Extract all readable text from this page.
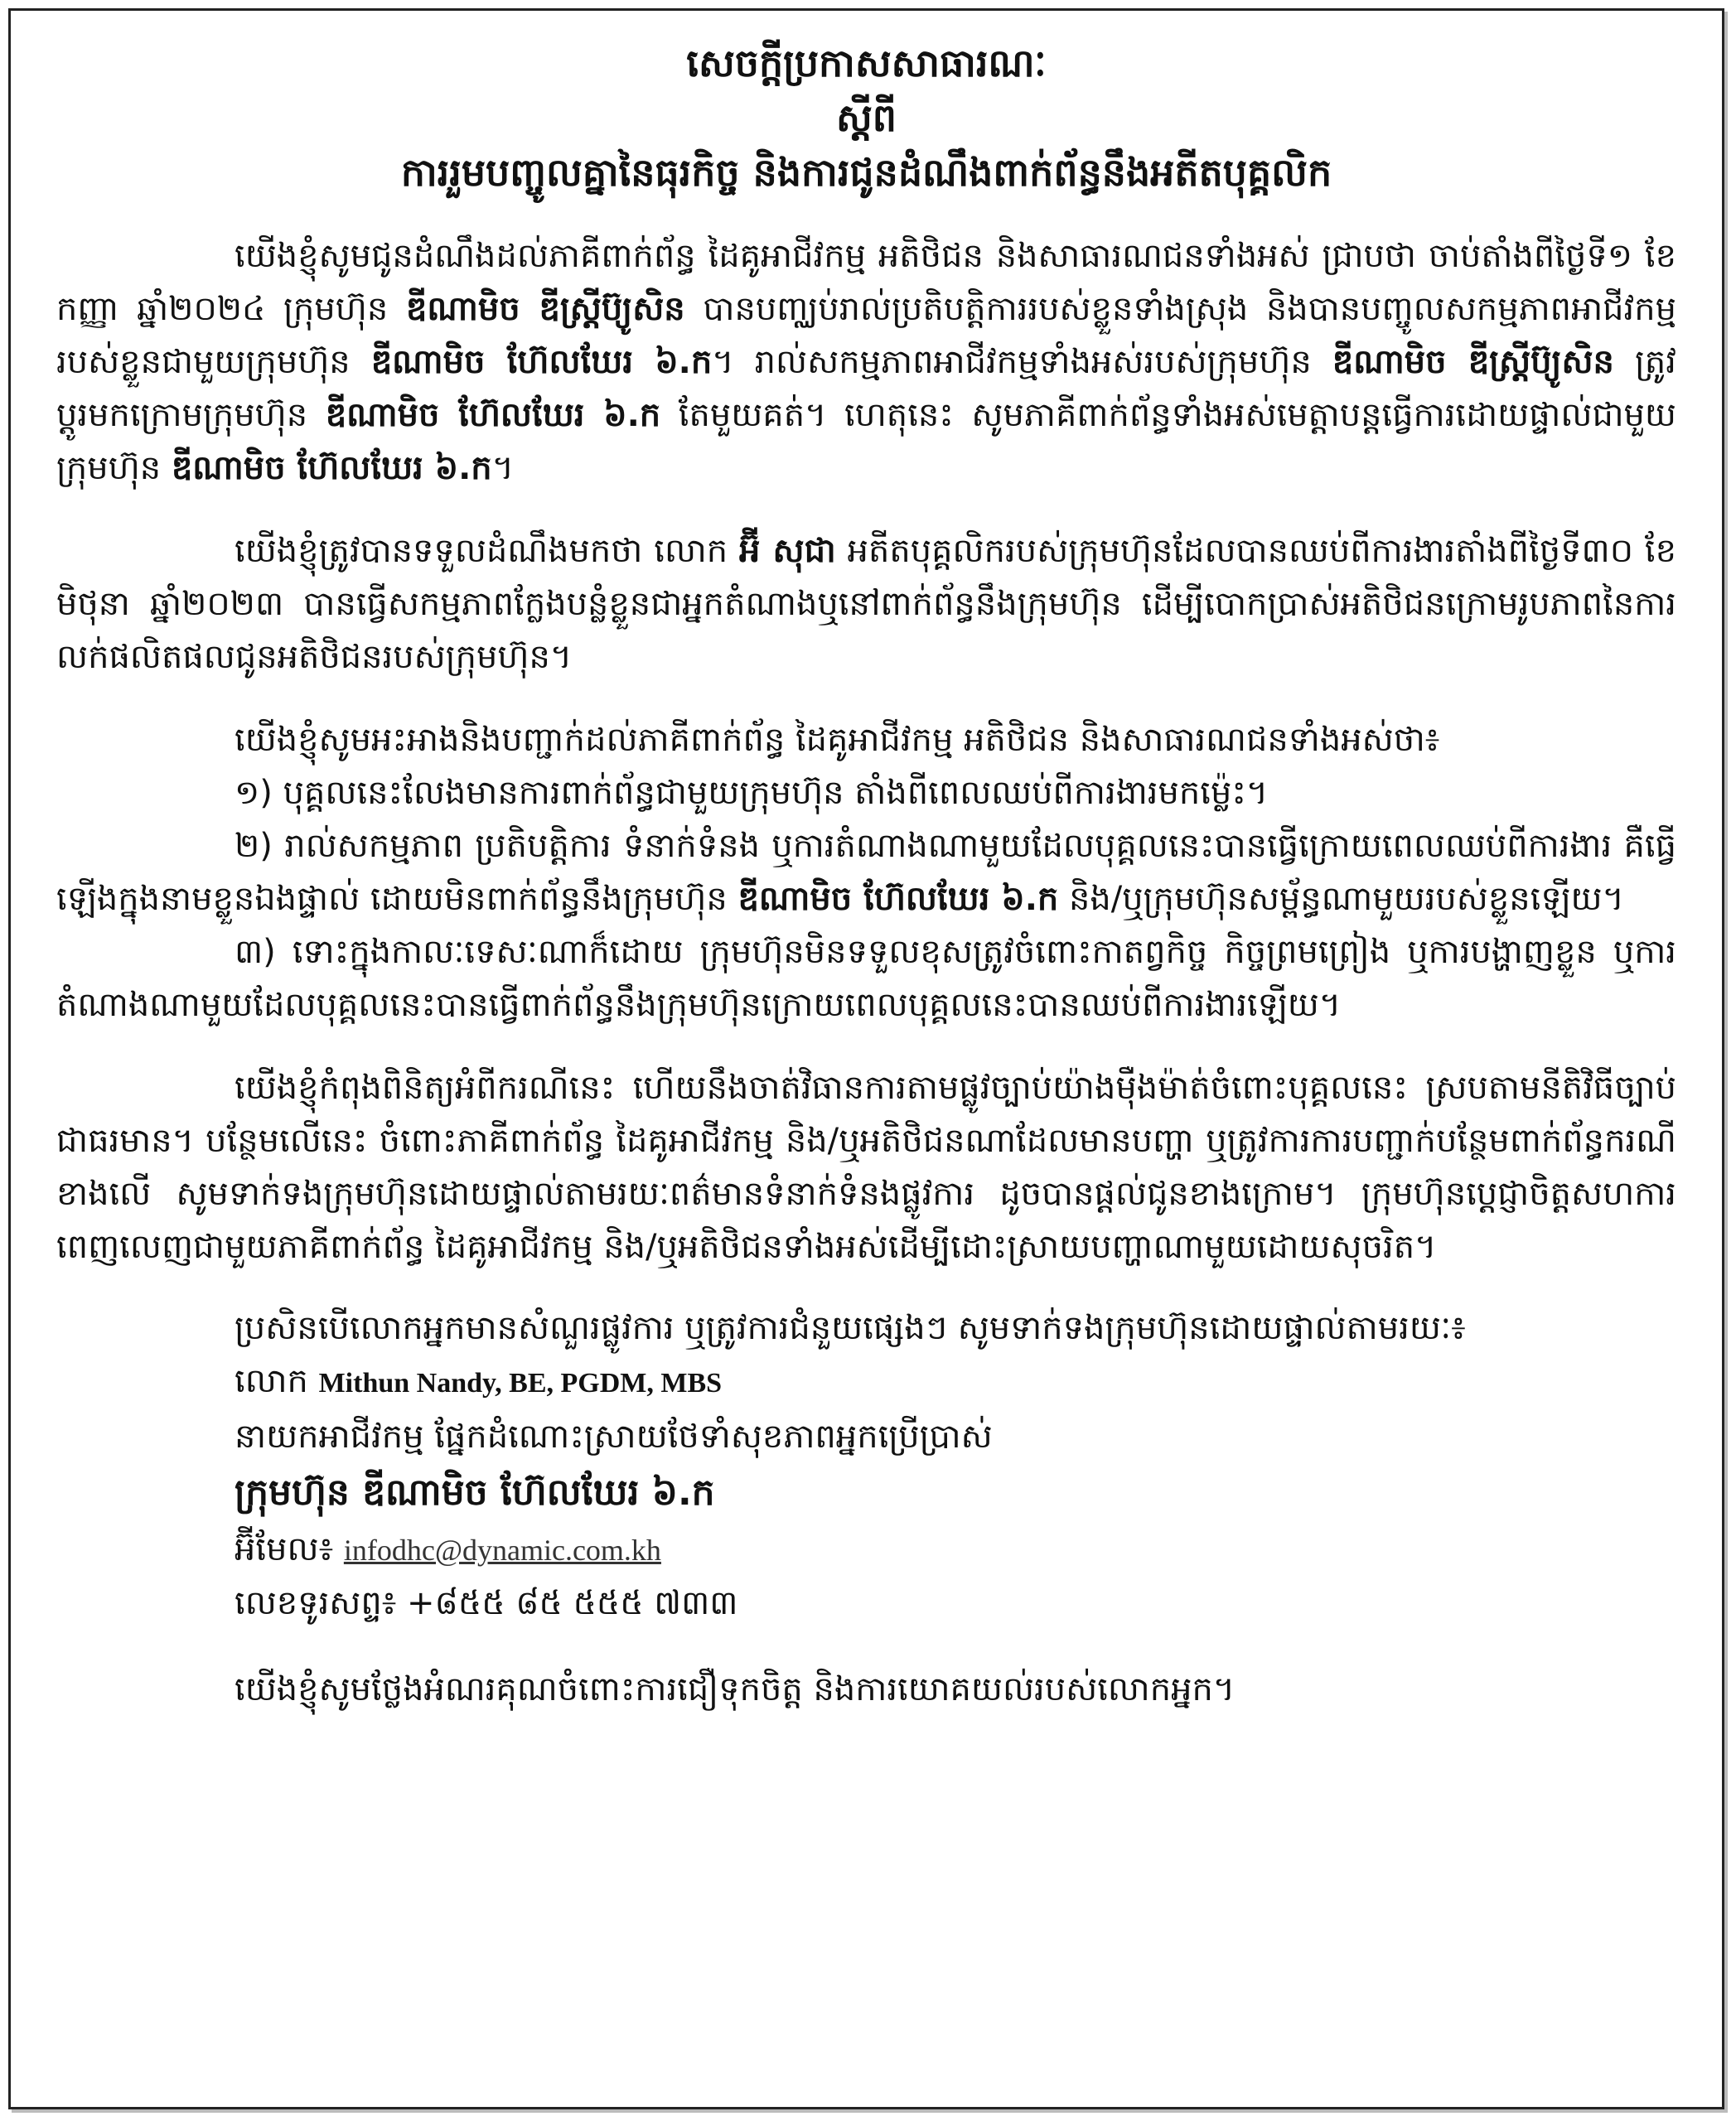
សេចក្តីប្រកាសសាធារណៈ
ស្តីពី
ការរួមបញ្ចូលគ្នានៃធុរកិច្ច និងការជូនដំណឹងពាក់ព័ន្ធនឹងអតីតបុគ្គលិក
យើងខ្ញុំសូមជូនដំណឹងដល់ភាគីពាក់ព័ន្ធ ដៃគូអាជីវកម្ម អតិថិជន និងសាធារណជនទាំងអស់ ជ្រាបថា ចាប់តាំងពីថ្ងៃទី១ ខែកញ្ញា ឆ្នាំ២០២៤ ក្រុមហ៊ុន ឌីណាមិច ឌីស្ត្រីប៊្យូសិន បានបញ្ឈប់រាល់ប្រតិបត្តិការរបស់ខ្លួនទាំងស្រុង និងបានបញ្ចូលសកម្មភាពអាជីវកម្មរបស់ខ្លួនជាមួយក្រុមហ៊ុន ឌីណាមិច ហ៊ែលឃែរ ៦.ក។ រាល់សកម្មភាពអាជីវកម្មទាំងអស់របស់ក្រុមហ៊ុន ឌីណាមិច ឌីស្ត្រីប៊្យូសិន ត្រូវប្តូរមកក្រោមក្រុមហ៊ុន ឌីណាមិច ហ៊ែលឃែរ ៦.ក តែមួយគត់។ ហេតុនេះ សូមភាគីពាក់ព័ន្ធទាំងអស់មេត្តាបន្តធ្វើការដោយផ្ទាល់ជាមួយក្រុមហ៊ុន ឌីណាមិច ហ៊ែលឃែរ ៦.ក។
យើងខ្ញុំត្រូវបានទទួលដំណឹងមកថា លោក អ៊ី សុជា អតីតបុគ្គលិករបស់ក្រុមហ៊ុនដែលបានឈប់ពីការងារតាំងពីថ្ងៃទី៣០ ខែមិថុនា ឆ្នាំ២០២៣ បានធ្វើសកម្មភាពក្លែងបន្លំខ្លួនជាអ្នកតំណាងឬនៅពាក់ព័ន្ធនឹងក្រុមហ៊ុន ដើម្បីបោកប្រាស់អតិថិជនក្រោមរូបភាពនៃការលក់ផលិតផលជូនអតិថិជនរបស់ក្រុមហ៊ុន។
យើងខ្ញុំសូមអះអាងនិងបញ្ជាក់ដល់ភាគីពាក់ព័ន្ធ ដៃគូអាជីវកម្ម អតិថិជន និងសាធារណជនទាំងអស់ថា៖
១) បុគ្គលនេះលែងមានការពាក់ព័ន្ធជាមួយក្រុមហ៊ុន តាំងពីពេលឈប់ពីការងារមកម្ល៉េះ។
២) រាល់សកម្មភាព ប្រតិបត្តិការ ទំនាក់ទំនង ឬការតំណាងណាមួយដែលបុគ្គលនេះបានធ្វើក្រោយពេលឈប់ពីការងារ គឺធ្វើឡើងក្នុងនាមខ្លួនឯងផ្ទាល់ ដោយមិនពាក់ព័ន្ធនឹងក្រុមហ៊ុន ឌីណាមិច ហ៊ែលឃែរ ៦.ក និង/ឬក្រុមហ៊ុនសម្ព័ន្ធណាមួយរបស់ខ្លួនឡើយ។
៣) ទោះក្នុងកាលៈទេសៈណាក៏ដោយ ក្រុមហ៊ុនមិនទទួលខុសត្រូវចំពោះកាតព្វកិច្ច កិច្ចព្រមព្រៀង ឬការបង្ហាញខ្លួន ឬការតំណាងណាមួយដែលបុគ្គលនេះបានធ្វើពាក់ព័ន្ធនឹងក្រុមហ៊ុនក្រោយពេលបុគ្គលនេះបានឈប់ពីការងារឡើយ។
យើងខ្ញុំកំពុងពិនិត្យអំពីករណីនេះ ហើយនឹងចាត់វិធានការតាមផ្លូវច្បាប់យ៉ាងម៉ឺងម៉ាត់ចំពោះបុគ្គលនេះ ស្របតាមនីតិវិធីច្បាប់ជាធរមាន។ បន្ថែមលើនេះ ចំពោះភាគីពាក់ព័ន្ធ ដៃគូអាជីវកម្ម និង/ឬអតិថិជនណាដែលមានបញ្ហា ឬត្រូវការការបញ្ជាក់បន្ថែមពាក់ព័ន្ធករណីខាងលើ សូមទាក់ទងក្រុមហ៊ុនដោយផ្ទាល់តាមរយៈពត៌មានទំនាក់ទំនងផ្លូវការ ដូចបានផ្តល់ជូនខាងក្រោម។ ក្រុមហ៊ុនប្តេជ្ញាចិត្តសហការពេញលេញជាមួយភាគីពាក់ព័ន្ធ ដៃគូអាជីវកម្ម និង/ឬអតិថិជនទាំងអស់ដើម្បីដោះស្រាយបញ្ហាណាមួយដោយសុចរិត។
ប្រសិនបើលោកអ្នកមានសំណួរផ្លូវការ ឬត្រូវការជំនួយផ្សេងៗ សូមទាក់ទងក្រុមហ៊ុនដោយផ្ទាល់តាមរយៈ៖
លោក Mithun Nandy, BE, PGDM, MBS
នាយកអាជីវកម្ម ផ្នែកដំណោះស្រាយថែទាំសុខភាពអ្នកប្រើប្រាស់
ក្រុមហ៊ុន ឌីណាមិច ហ៊ែលឃែរ ៦.ក
អ៊ីមែល៖ infodhc@dynamic.com.kh
លេខទូរសព្ទ៖ +៨៥៥ ៨៥ ៥៥៥ ៧៣៣
យើងខ្ញុំសូមថ្លែងអំណរគុណចំពោះការជឿទុកចិត្ត និងការយោគយល់របស់លោកអ្នក។
